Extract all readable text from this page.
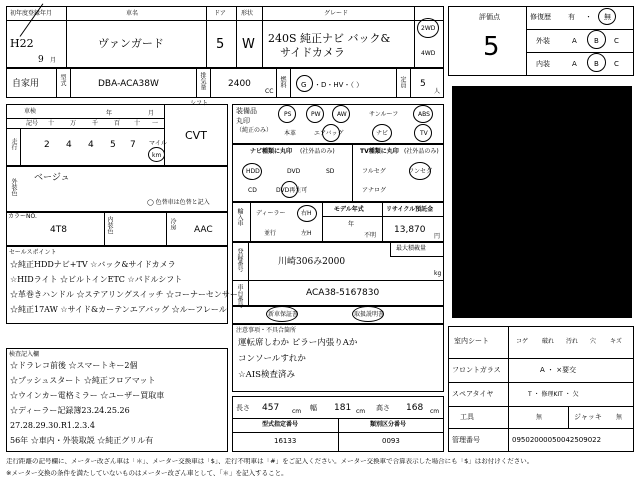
初年度登録年月
H22
9 月
車名
ヴァンガード
ドア
5
形状
W
グレード
240S 純正ナビ バック&
サイドカメラ
2WD
4WD
評価点
5
修復歴 有 ・ 無
外装	A B C
内装	A B C
自家用	型式	DBA-ACA38W	排気量 2400
CC
燃料 G ・D・HV・（ ）	定員 5
人
車検	年	月
シフト
CVT
走行
記号 十	万	千	百 十 一
2 4 4 5 7 マイル
km
装備品
丸印
（純正のみ）
PS	PW	AW	サンルーフ	ABS
本革	エアバッグ	ナビ	TV
ナビ種類に丸印 (社外品のみ)
HDD	DVD	SD
CD	DVD再生可
TV種類に丸印 (社外品のみ)
フルセグ	ワンセグ
アナログ
外装色 ベージュ
◯ 色替車は色替と記入
カラーNO.
4T8	内装色	冷房 AAC
輸入車 ディーラー
並行
右H
左H
モデル年式
年
不明
リサイクル預託金
13,870
円
最大積載量
kg
登録番号	川崎306み2000
車台番号	ACA38-5167830
新車保証書	取扱説明書
セールスポイント
☆純正HDDナビ+TV ☆バック&サイドカメラ
☆HIDライト ☆ビルトインETC ☆パドルシフト
☆革巻きハンドル ☆ステアリングスイッチ ☆コーナーセンサー
☆純正17AW ☆サイド&カーテンエアバッグ ☆ルーフレール
検査記入欄
☆ドラレコ前後 ☆スマートキー2個
☆プッシュスタート ☆純正フロアマット
☆ウインカー電格ミラー ☆ユーザー買取車
☆ディーラー記録簿23.24.25.26
27.28.29.30.R1.2.3.4
56年 ☆車内・外装取説 ☆純正グリル有
注意事項・不具合箇所
運転席しわか ピラー内張りAか
コンソールすれか
☆AIS検査済み
長さ 457 cm 幅 181 cm 高さ 168 cm
型式指定番号
16133
類別区分番号
0093
室内シート	コゲ 破れ 汚れ 穴 キズ
フロントガラス	A ・ ×要交
スペアタイヤ	T ・ 修理KIT ・ 欠
工具	無	ジャッキ 無
管理番号	09502000050042509022
走行距離の記号欄に、メーター改ざん車は「＊」、メーター交換車は「$」、走行不明車は「#」をご記入ください。メーター交換車で合算表示した場合にも「$」はお付けください。
※メーター交換の条件を満たしていないものはメーター改ざん車として、「＊」を記入すること。
